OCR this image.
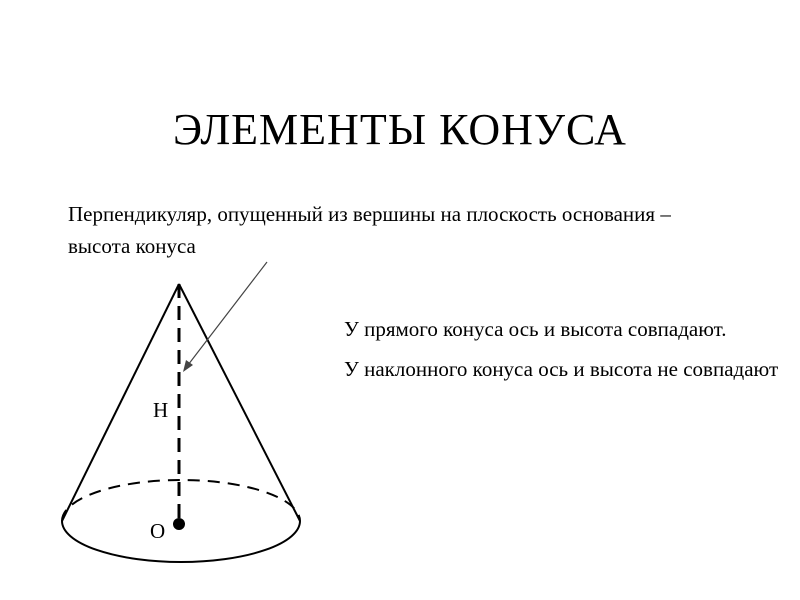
ЭЛЕМЕНТЫ КОНУСА
Перпендикуляр, опущенный из вершины на плоскость основания – высота конуса

У прямого конуса ось и высота совпадают.

У наклонного конуса ось и высота не совпадают

H
O
